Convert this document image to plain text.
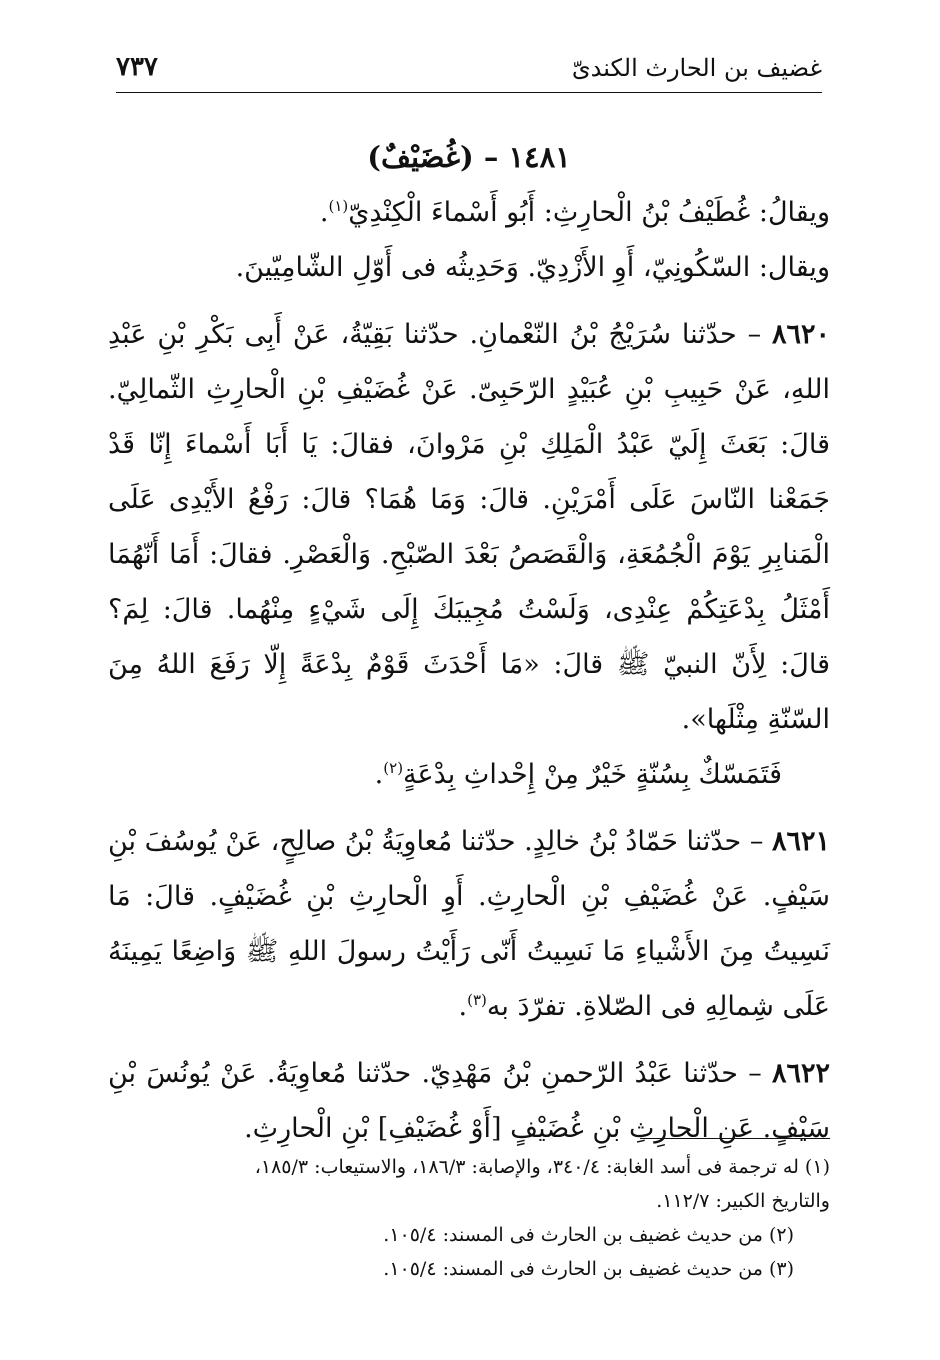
غضيف بن الحارث الكندىّ
٧٣٧

١٤٨١ – (غُضَيْفٌ)

ويقالُ: غُطَيْفُ بْنُ الْحارِثِ: أَبُو أَسْماءَ الْكِنْدِيّ$^{(١)}$.

ويقال: السّكُونِيّ، أَوِ الأَزْدِيّ. وَحَدِيثُه فى أَوّلِ الشّامِيّينَ.

٨٦٢٠ – حدّثنا سُرَيْجُ بْنُ النّعْمانِ. حدّثنا بَقِيّةُ، عَنْ أَبِى بَكْرِ بْنِ عَبْدِ اللهِ، عَنْ حَبِيبِ بْنِ عُبَيْدٍ الرّحَبِىّ. عَنْ غُضَيْفِ بْنِ الْحارِثِ الثّمالِيّ. قالَ: بَعَثَ إِلَيّ عَبْدُ الْمَلِكِ بْنِ مَرْوانَ، فقالَ: يَا أَبَا أَسْماءَ إِنّا قَدْ جَمَعْنا النّاسَ عَلَى أَمْرَيْنِ. قالَ: وَمَا هُمَا؟ قالَ: رَفْعُ الأَيْدِى عَلَى الْمَنابِرِ يَوْمَ الْجُمُعَةِ، وَالْقَصَصُ بَعْدَ الصّبْحِ. وَالْعَصْرِ. فقالَ: أَمَا أَنّهُمَا أَمْثَلُ بِدْعَتِكُمْ عِنْدِى، وَلَسْتُ مُجِيبَكَ إِلَى شَيْءٍ مِنْهُما. قالَ: لِمَ؟ قالَ: لِأَنّ النبيّ ﷺ قالَ: «مَا أَحْدَثَ قَوْمٌ بِدْعَةً إِلّا رَفَعَ اللهُ مِنَ السّنّةِ مِثْلَها».

فَتَمَسّكٌ بِسُنّةٍ خَيْرٌ مِنْ إِحْداثِ بِدْعَةٍ$^{(٢)}$.

٨٦٢١ – حدّثنا حَمّادُ بْنُ خالِدٍ. حدّثنا مُعاوِيَةُ بْنُ صالِحٍ، عَنْ يُوسُفَ بْنِ سَيْفٍ. عَنْ غُضَيْفِ بْنِ الْحارِثِ. أَوِ الْحارِثِ بْنِ غُضَيْفٍ. قالَ: مَا نَسِيتُ مِنَ الأَشْياءِ مَا نَسِيتُ أَنّى رَأَيْتُ رسولَ اللهِ ﷺ وَاضِعًا يَمِينَهُ عَلَى شِمالِهِ فى الصّلاةِ. تفرّدَ به$^{(٣)}$.

٨٦٢٢ – حدّثنا عَبْدُ الرّحمنِ بْنُ مَهْدِيّ. حدّثنا مُعاوِيَةُ. عَنْ يُونُسَ بْنِ سَيْفٍ. عَنِ الْحارِثِ بْنِ غُضَيْفٍ [أَوْ غُضَيْفِ] بْنِ الْحارِثِ.

(١) له ترجمة فى أسد الغابة: ٣٤٠/٤، والإصابة: ١٨٦/٣، والاستيعاب: ١٨٥/٣،

والتاريخ الكبير: ١١٢/٧.

(٢) من حديث غضيف بن الحارث فى المسند: ١٠٥/٤.

(٣) من حديث غضيف بن الحارث فى المسند: ١٠٥/٤.
